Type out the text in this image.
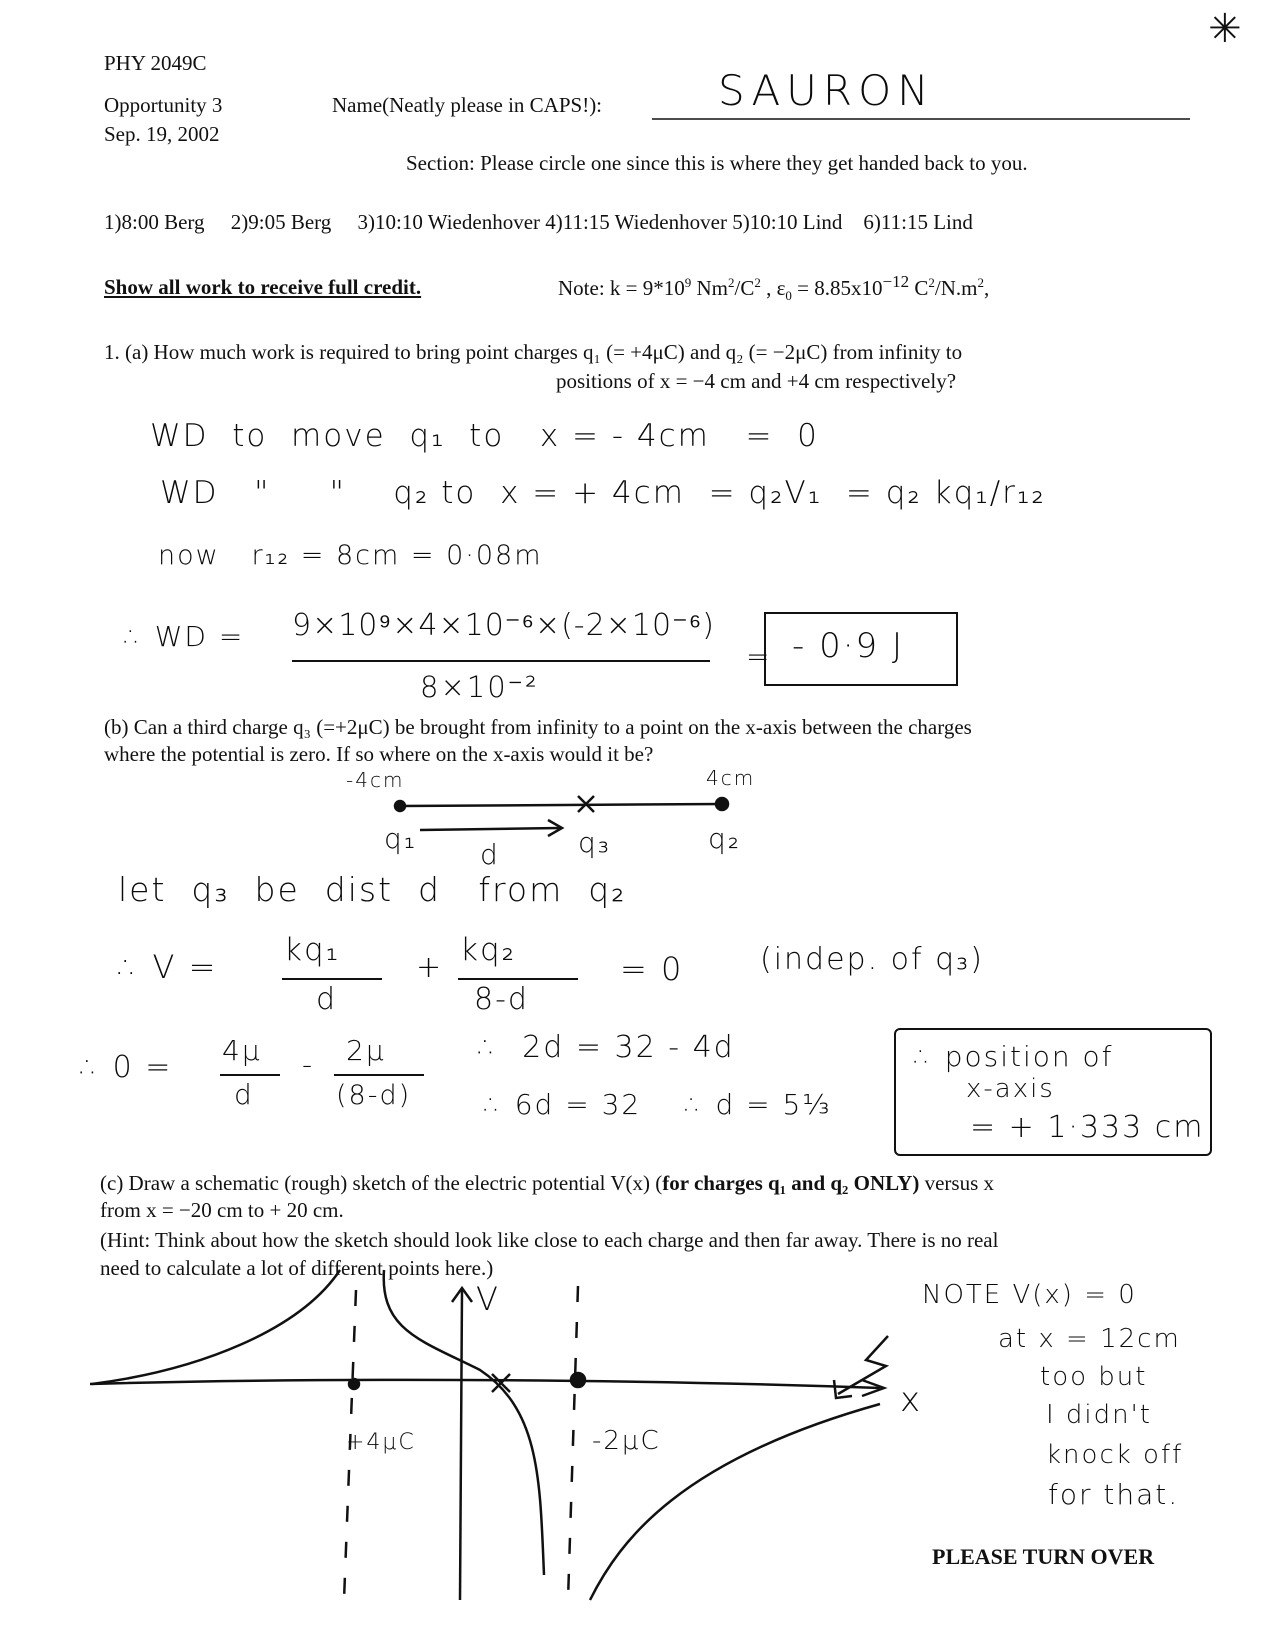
✳
PHY 2049C
Opportunity 3
Sep. 19, 2002
Name(Neatly please in CAPS!):	SAURON
Section: Please circle one since this is where they get handed back to you.
1)8:00 Berg     2)9:05 Berg     3)10:10 Wiedenhover 4)11:15 Wiedenhover 5)10:10 Lind    6)11:15 Lind
Show all work to receive full credit.	Note: $k = 9*10^9$ $Nm^2/C^2$ , $\varepsilon_0 = 8.85x10^{-12}$ $C^2/N.m^2$,
1. (a) How much work is required to bring point charges q₁ (= +4μC) and q₂ (= −2μC) from infinity to
positions of x = −4 cm and +4 cm respectively?
WD  to  move  q₁  to   x = - 4cm   =  0
WD   "     "    q₂ to  x = + 4cm  = q₂V₁  = q₂ kq₁/r₁₂
now   r₁₂ = 8cm = 0·08m
∴ WD = 9×10⁹×4×10⁻⁶×(-2×10⁻⁶)
8×10⁻²
= - 0·9 J
(b) Can a third charge q₃ (=+2μC) be brought from infinity to a point on the x-axis between the charges
where the potential is zero. If so where on the x-axis would it be?
-4cm	4cm
q₁ d	q₃	q₂
let  q₃  be  dist  d   from  q₂
∴ V = kq₁
d
+ kq₂
8-d
= 0	(indep. of q₃)
∴ 0 = 4μ
d
- 2μ
(8-d)
∴  2d = 32 - 4d
∴ 6d = 32    ∴ d = 5⅓
∴ position of
x-axis
= + 1·333 cm
(c) Draw a schematic (rough) sketch of the electric potential V(x) (for charges q₁ and q₂ ONLY) versus x
from x = −20 cm to + 20 cm.
(Hint: Think about how the sketch should look like close to each charge and then far away. There is no real
need to calculate a lot of different points here.)
V
x
+4μC	-2μC
NOTE V(x) = 0
at x = 12cm
too but
I didn't
knock off
for that.
PLEASE TURN OVER
